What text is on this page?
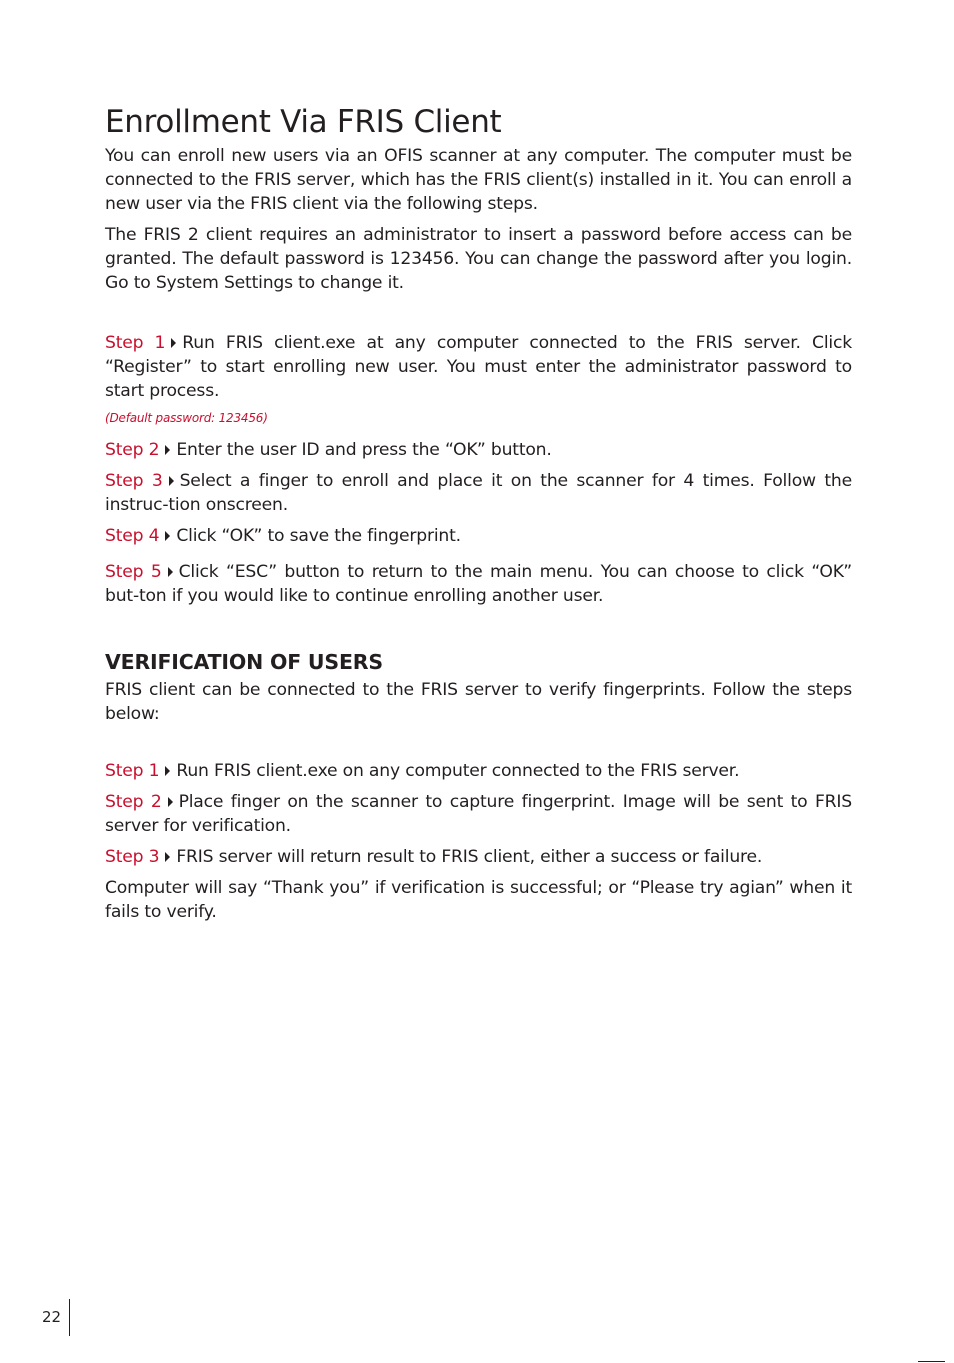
Enrollment Via FRIS Client

You can enroll new users via an OFIS scanner at any computer. The computer must be connected to the FRIS server, which has the FRIS client(s) installed in it. You can enroll a new user via the FRIS client via the following steps.

The FRIS 2 client requires an administrator to insert a password before access can be granted. The default password is 123456. You can change the password after you login. Go to System Settings to change it.

Step 1 Run FRIS client.exe at any computer connected to the FRIS server. Click “Register” to start enrolling new user. You must enter the administrator password to start process.
(Default password: 123456)
Step 2 Enter the user ID and press the “OK” button.
Step 3 Select a finger to enroll and place it on the scanner for 4 times. Follow the instruc-tion onscreen.
Step 4 Click “OK” to save the fingerprint.
Step 5 Click “ESC” button to return to the main menu. You can choose to click “OK” but-ton if you would like to continue enrolling another user.
VERIFICATION OF USERS

FRIS client can be connected to the FRIS server to verify fingerprints. Follow the steps below:

Step 1 Run FRIS client.exe on any computer connected to the FRIS server.
Step 2 Place finger on the scanner to capture fingerprint. Image will be sent to FRIS server for verification.
Step 3 FRIS server will return result to FRIS client, either a success or failure.

Computer will say “Thank you” if verification is successful; or “Please try agian” when it fails to verify.

22
